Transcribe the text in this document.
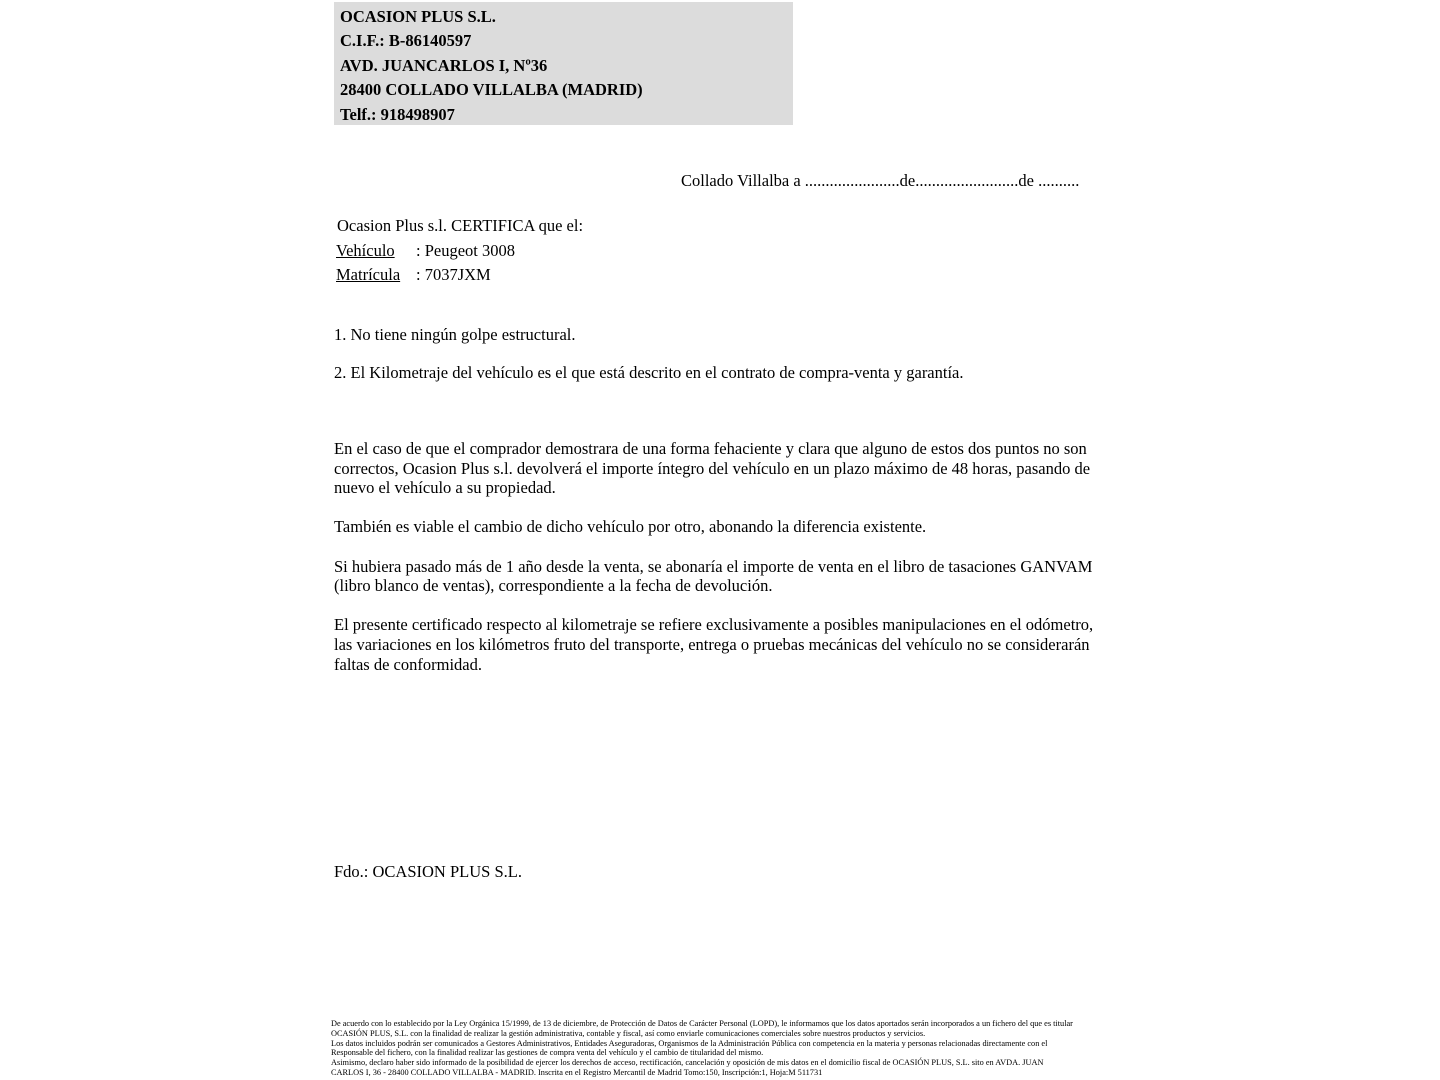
OCASION PLUS S.L.
C.I.F.: B-86140597
AVD. JUANCARLOS I, Nº36
28400 COLLADO VILLALBA (MADRID)
Telf.: 918498907
Collado Villalba a .......................de.........................de ..........
Ocasion Plus s.l. CERTIFICA que el:
Vehículo : Peugeot 3008
Matrícula : 7037JXM
1. No tiene ningún golpe estructural.
2. El Kilometraje del vehículo es el que está descrito en el contrato de compra-venta y garantía.

En el caso de que el comprador demostrara de una forma fehaciente y clara que alguno de estos dos puntos no son correctos, Ocasion Plus s.l. devolverá el importe íntegro del vehículo en un plazo máximo de 48 horas, pasando de nuevo el vehículo a su propiedad.

También es viable el cambio de dicho vehículo por otro, abonando la diferencia existente.

Si hubiera pasado más de 1 año desde la venta, se abonaría el importe de venta en el libro de tasaciones GANVAM (libro blanco de ventas), correspondiente a la fecha de devolución.

El presente certificado respecto al kilometraje se refiere exclusivamente a posibles manipulaciones en el odómetro, las variaciones en los kilómetros fruto del transporte, entrega o pruebas mecánicas del vehículo no se considerarán faltas de conformidad.

Fdo.: OCASION PLUS S.L.
De acuerdo con lo establecido por la Ley Orgánica 15/1999, de 13 de diciembre, de Protección de Datos de Carácter Personal (LOPD), le informamos que los datos aportados serán incorporados a un fichero del que es titular
OCASIÓN PLUS, S.L. con la finalidad de realizar la gestión administrativa, contable y fiscal, así como enviarle comunicaciones comerciales sobre nuestros productos y servicios.
Los datos incluidos podrán ser comunicados a Gestores Administrativos, Entidades Aseguradoras, Organismos de la Administración Pública con competencia en la materia y personas relacionadas directamente con el
Responsable del fichero, con la finalidad realizar las gestiones de compra venta del vehículo y el cambio de titularidad del mismo.
Asimismo, declaro haber sido informado de la posibilidad de ejercer los derechos de acceso, rectificación, cancelación y oposición de mis datos en el domicilio fiscal de OCASIÓN PLUS, S.L. sito en AVDA. JUAN
CARLOS I, 36 - 28400 COLLADO VILLALBA - MADRID. Inscrita en el Registro Mercantil de Madrid Tomo:150, Inscripción:1, Hoja:M 511731
